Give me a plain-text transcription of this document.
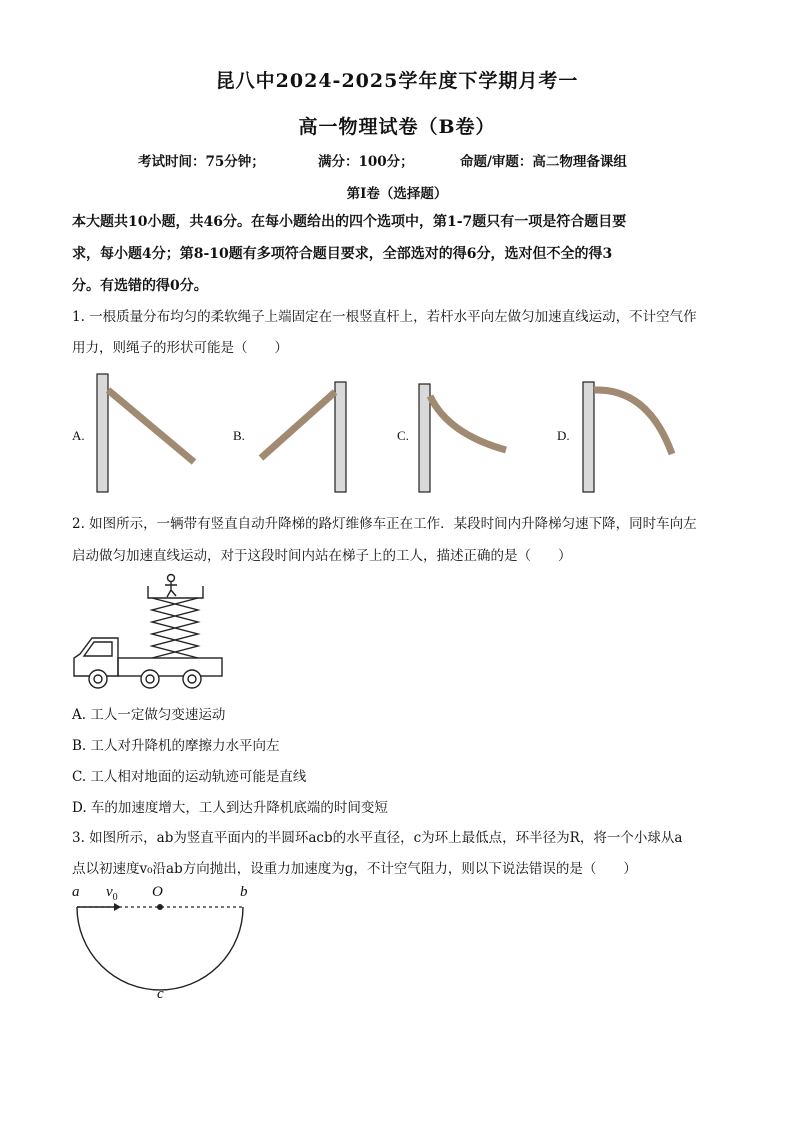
昆八中2024-2025学年度下学期月考一
高一物理试卷（B卷）
考试时间：75分钟；	满分：100分；	命题/审题：高二物理备课组
第Ⅰ卷（选择题）
本大题共10小题，共46分。在每小题给出的四个选项中，第1-7题只有一项是符合题目要
求，每小题4分；第8-10题有多项符合题目要求，全部选对的得6分，选对但不全的得3
分。有选错的得0分。
1. 一根质量分布均匀的柔软绳子上端固定在一根竖直杆上，若杆水平向左做匀加速直线运动，不计空气作
用力，则绳子的形状可能是（　　）
A.	B.	C.	D.
2. 如图所示，一辆带有竖直自动升降梯的路灯维修车正在工作．某段时间内升降梯匀速下降，同时车向左
启动做匀加速直线运动，对于这段时间内站在梯子上的工人，描述正确的是（　　）
A. 工人一定做匀变速运动
B. 工人对升降机的摩擦力水平向左
C. 工人相对地面的运动轨迹可能是直线
D. 车的加速度增大，工人到达升降机底端的时间变短
3. 如图所示，ab为竖直平面内的半圆环acb的水平直径，c为环上最低点，环半径为R，将一个小球从a
点以初速度v₀沿ab方向抛出，设重力加速度为g，不计空气阻力，则以下说法错误的是（　　）
a $v_0$ O	b
c
